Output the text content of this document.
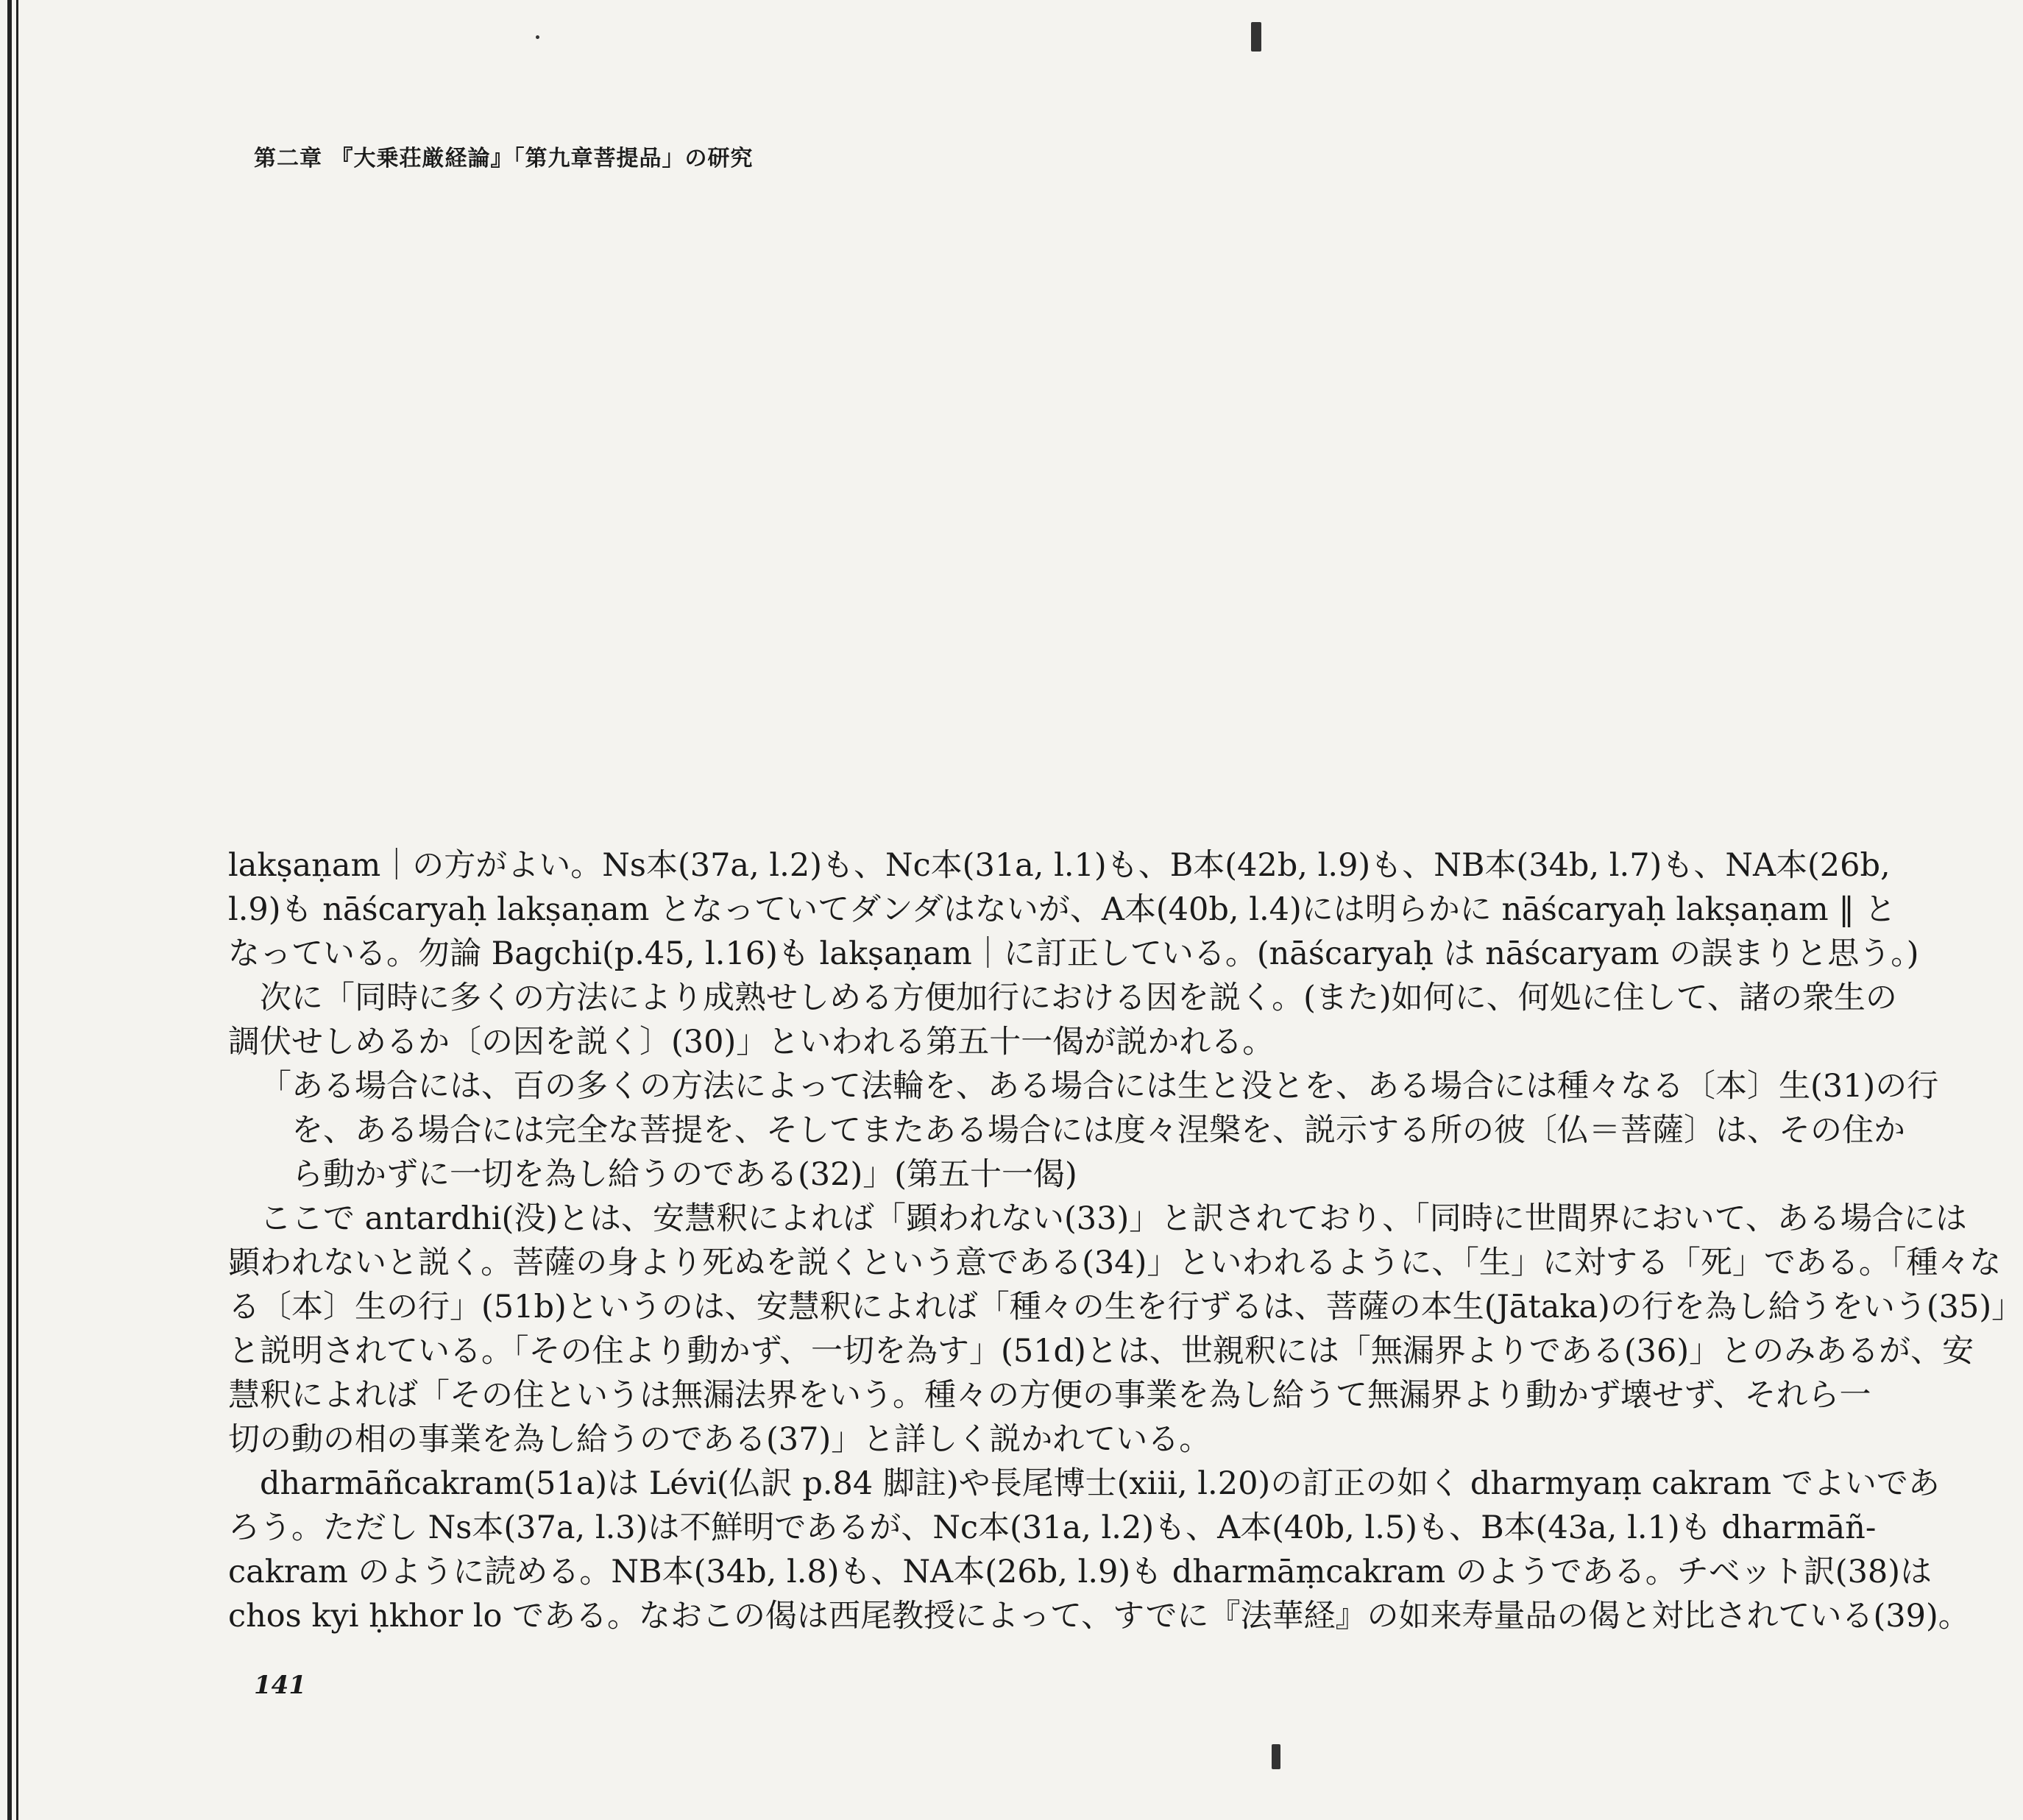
第二章 『大乗荘厳経論』「第九章菩提品」の研究
lakṣaṇam｜の方がよい。Ns本(37a, l.2)も、Nc本(31a, l.1)も、B本(42b, l.9)も、NB本(34b, l.7)も、NA本(26b,
l.9)も nāścaryaḥ lakṣaṇam となっていてダンダはないが、A本(40b, l.4)には明らかに nāścaryaḥ lakṣaṇam ‖ と
なっている。勿論 Bagchi(p.45, l.16)も lakṣaṇam｜に訂正している。(nāścaryaḥ は nāścaryam の誤まりと思う。)
次に「同時に多くの方法により成熟せしめる方便加行における因を説く。(また)如何に、何処に住して、諸の衆生の
調伏せしめるか〔の因を説く〕(30)」といわれる第五十一偈が説かれる。
「ある場合には、百の多くの方法によって法輪を、ある場合には生と没とを、ある場合には種々なる〔本〕生(31)の行
を、ある場合には完全な菩提を、そしてまたある場合には度々涅槃を、説示する所の彼〔仏＝菩薩〕は、その住か
ら動かずに一切を為し給うのである(32)」(第五十一偈)
ここで antardhi(没)とは、安慧釈によれば「顕われない(33)」と訳されており、「同時に世間界において、ある場合には
顕われないと説く。菩薩の身より死ぬを説くという意である(34)」といわれるように、「生」に対する「死」である。「種々な
る〔本〕生の行」(51b)というのは、安慧釈によれば「種々の生を行ずるは、菩薩の本生(Jātaka)の行を為し給うをいう(35)」
と説明されている。「その住より動かず、一切を為す」(51d)とは、世親釈には「無漏界よりである(36)」とのみあるが、安
慧釈によれば「その住というは無漏法界をいう。種々の方便の事業を為し給うて無漏界より動かず壊せず、それら一
切の動の相の事業を為し給うのである(37)」と詳しく説かれている。
dharmāñcakram(51a)は Lévi(仏訳 p.84 脚註)や長尾博士(xiii, l.20)の訂正の如く dharmyaṃ cakram でよいであ
ろう。ただし Ns本(37a, l.3)は不鮮明であるが、Nc本(31a, l.2)も、A本(40b, l.5)も、B本(43a, l.1)も dharmāñ-
cakram のように読める。NB本(34b, l.8)も、NA本(26b, l.9)も dharmāṃcakram のようである。チベット訳(38)は
chos kyi ḥkhor lo である。なおこの偈は西尾教授によって、すでに『法華経』の如来寿量品の偈と対比されている(39)。
141
